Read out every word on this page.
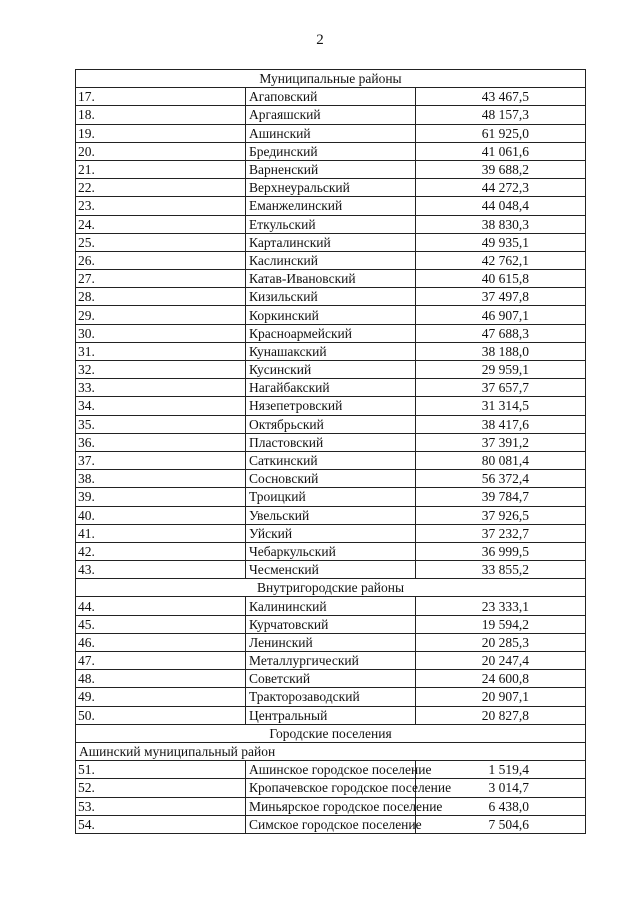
2
Муниципальные районы		
17.	Агаповский	43 467,5
18.	Аргаяшский	48 157,3
19.	Ашинский	61 925,0
20.	Брединский	41 061,6
21.	Варненский	39 688,2
22.	Верхнеуральский	44 272,3
23.	Еманжелинский	44 048,4
24.	Еткульский	38 830,3
25.	Карталинский	49 935,1
26.	Каслинский	42 762,1
27.	Катав-Ивановский	40 615,8
28.	Кизильский	37 497,8
29.	Коркинский	46 907,1
30.	Красноармейский	47 688,3
31.	Кунашакский	38 188,0
32.	Кусинский	29 959,1
33.	Нагайбакский	37 657,7
34.	Нязепетровский	31 314,5
35.	Октябрьский	38 417,6
36.	Пластовский	37 391,2
37.	Саткинский	80 081,4
38.	Сосновский	56 372,4
39.	Троицкий	39 784,7
40.	Увельский	37 926,5
41.	Уйский	37 232,7
42.	Чебаркульский	36 999,5
43.	Чесменский	33 855,2
Внутригородские районы		
44.	Калининский	23 333,1
45.	Курчатовский	19 594,2
46.	Ленинский	20 285,3
47.	Металлургический	20 247,4
48.	Советский	24 600,8
49.	Тракторозаводский	20 907,1
50.	Центральный	20 827,8
Городские поселения		
Ашинский муниципальный район		
51.	Ашинское городское поселение	1 519,4
52.	Кропачевское городское поселение	3 014,7
53.	Миньярское городское поселение	6 438,0
54.	Симское городское поселение	7 504,6
